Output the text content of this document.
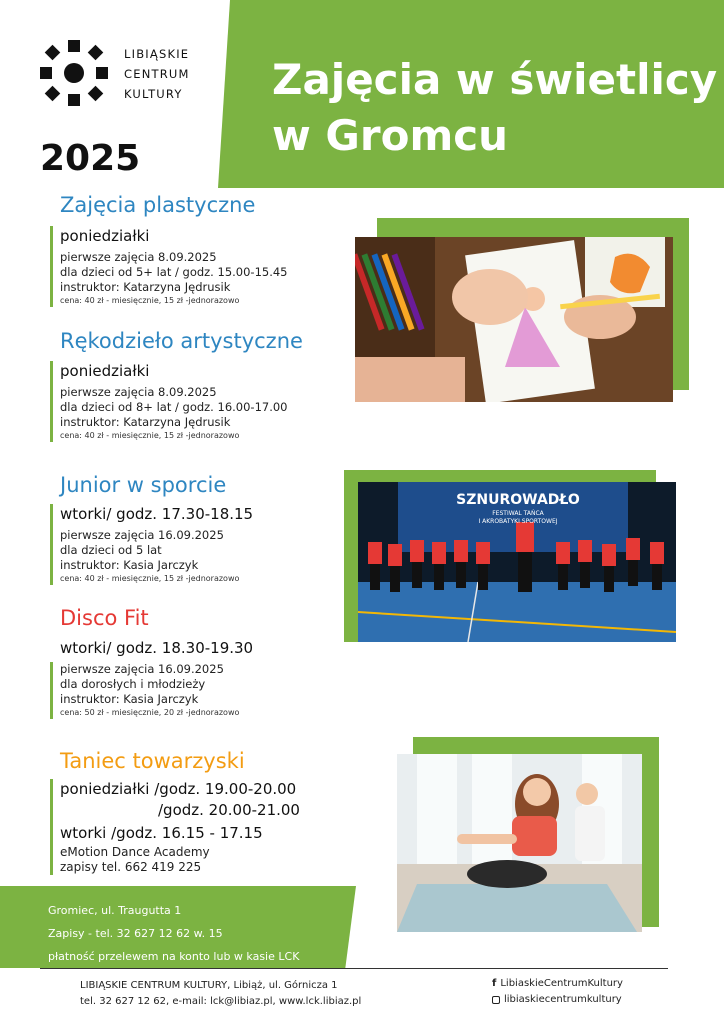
Zajęcia w świetlicy
w Gromcu
LIBIĄSKIE
CENTRUM
KULTURY
2025
Zajęcia plastyczne
poniedziałki
pierwsze zajęcia 8.09.2025
dla dzieci od 5+ lat / godz. 15.00-15.45
instruktor: Katarzyna Jędrusik
cena: 40 zł - miesięcznie, 15 zł -jednorazowo
Rękodzieło artystyczne
poniedziałki
pierwsze zajęcia 8.09.2025
dla dzieci od 8+ lat / godz. 16.00-17.00
instruktor: Katarzyna Jędrusik
cena: 40 zł - miesięcznie, 15 zł -jednorazowo
Junior w sporcie
wtorki/ godz. 17.30-18.15
pierwsze zajęcia 16.09.2025
dla dzieci od 5 lat
instruktor: Kasia Jarczyk
cena: 40 zł - miesięcznie, 15 zł -jednorazowo
Disco Fit
wtorki/ godz. 18.30-19.30
pierwsze zajęcia 16.09.2025
dla dorosłych i młodzieży
instruktor: Kasia Jarczyk
cena: 50 zł - miesięcznie, 20 zł -jednorazowo
Taniec towarzyski
poniedziałki /godz. 19.00-20.00
/godz. 20.00-21.00
wtorki /godz. 16.15 - 17.15
eMotion Dance Academy
zapisy tel. 662 419 225
SZNUROWADŁO
FESTIWAL TAŃCA
I AKROBATYKI SPORTOWEJ
Gromiec, ul. Traugutta 1
Zapisy - tel. 32 627 12 62 w. 15
płatność przelewem na konto lub w kasie LCK
LIBIĄSKIE CENTRUM KULTURY, Libiąż, ul. Górnicza 1
tel. 32 627 12 62, e-mail: lck@libiaz.pl, www.lck.libiaz.pl
f LibiaskieCentrumKultury
libiaskiecentrumkultury
